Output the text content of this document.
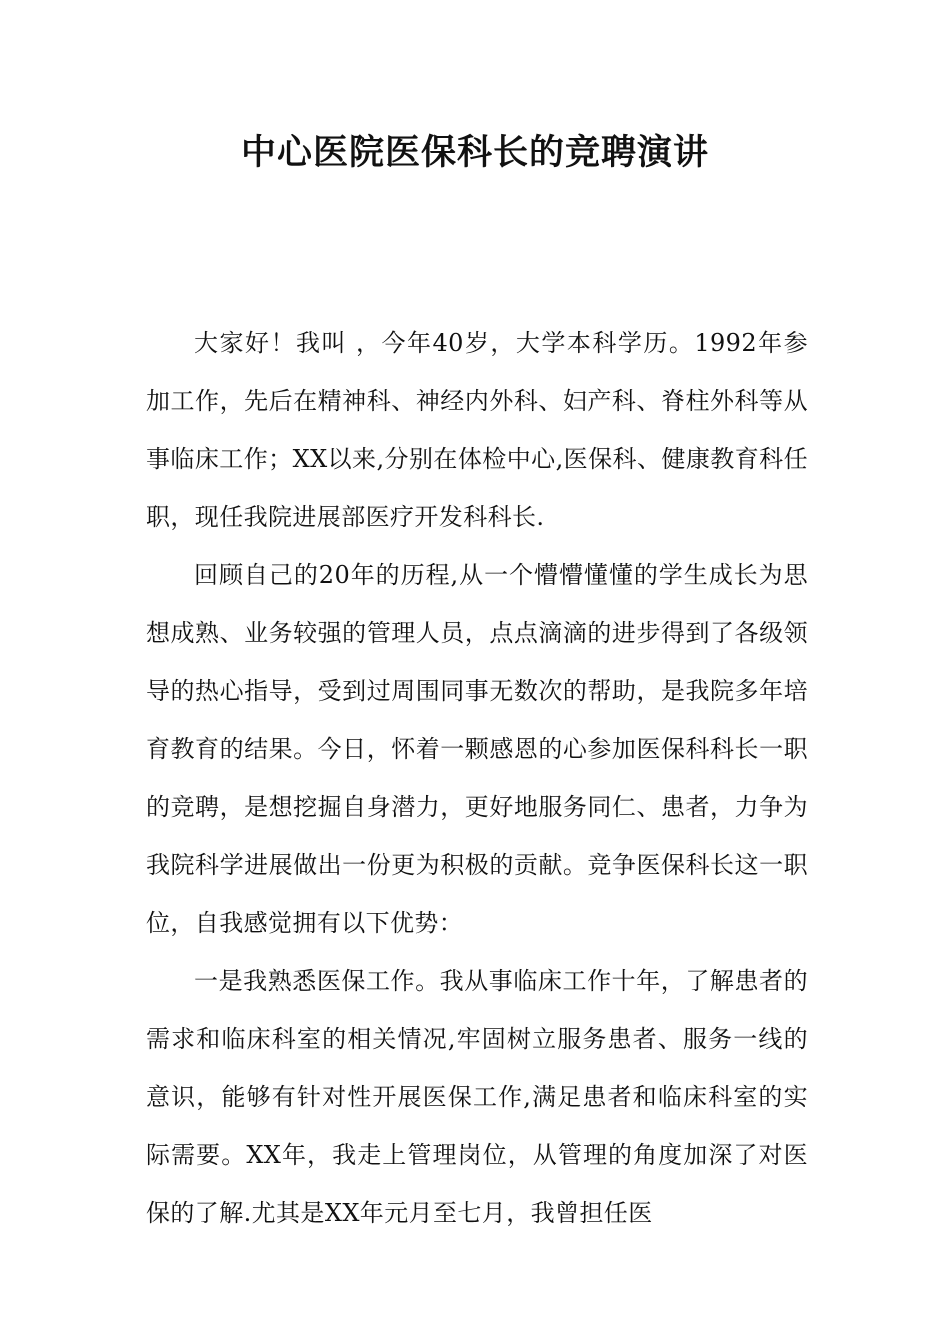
中心医院医保科长的竞聘演讲

大家好！我叫 ，今年40岁，大学本科学历。1992年参加工作，先后在精神科、神经内外科、妇产科、脊柱外科等从事临床工作；XX以来,分别在体检中心,医保科、健康教育科任职，现任我院进展部医疗开发科科长.

回顾自己的20年的历程,从一个懵懵懂懂的学生成长为思想成熟、业务较强的管理人员，点点滴滴的进步得到了各级领导的热心指导，受到过周围同事无数次的帮助，是我院多年培育教育的结果。今日，怀着一颗感恩的心参加医保科科长一职的竞聘，是想挖掘自身潜力，更好地服务同仁、患者，力争为我院科学进展做出一份更为积极的贡献。竞争医保科长这一职位，自我感觉拥有以下优势：

一是我熟悉医保工作。我从事临床工作十年，了解患者的需求和临床科室的相关情况,牢固树立服务患者、服务一线的意识，能够有针对性开展医保工作,满足患者和临床科室的实际需要。XX年，我走上管理岗位，从管理的角度加深了对医保的了解.尤其是XX年元月至七月，我曾担任医
